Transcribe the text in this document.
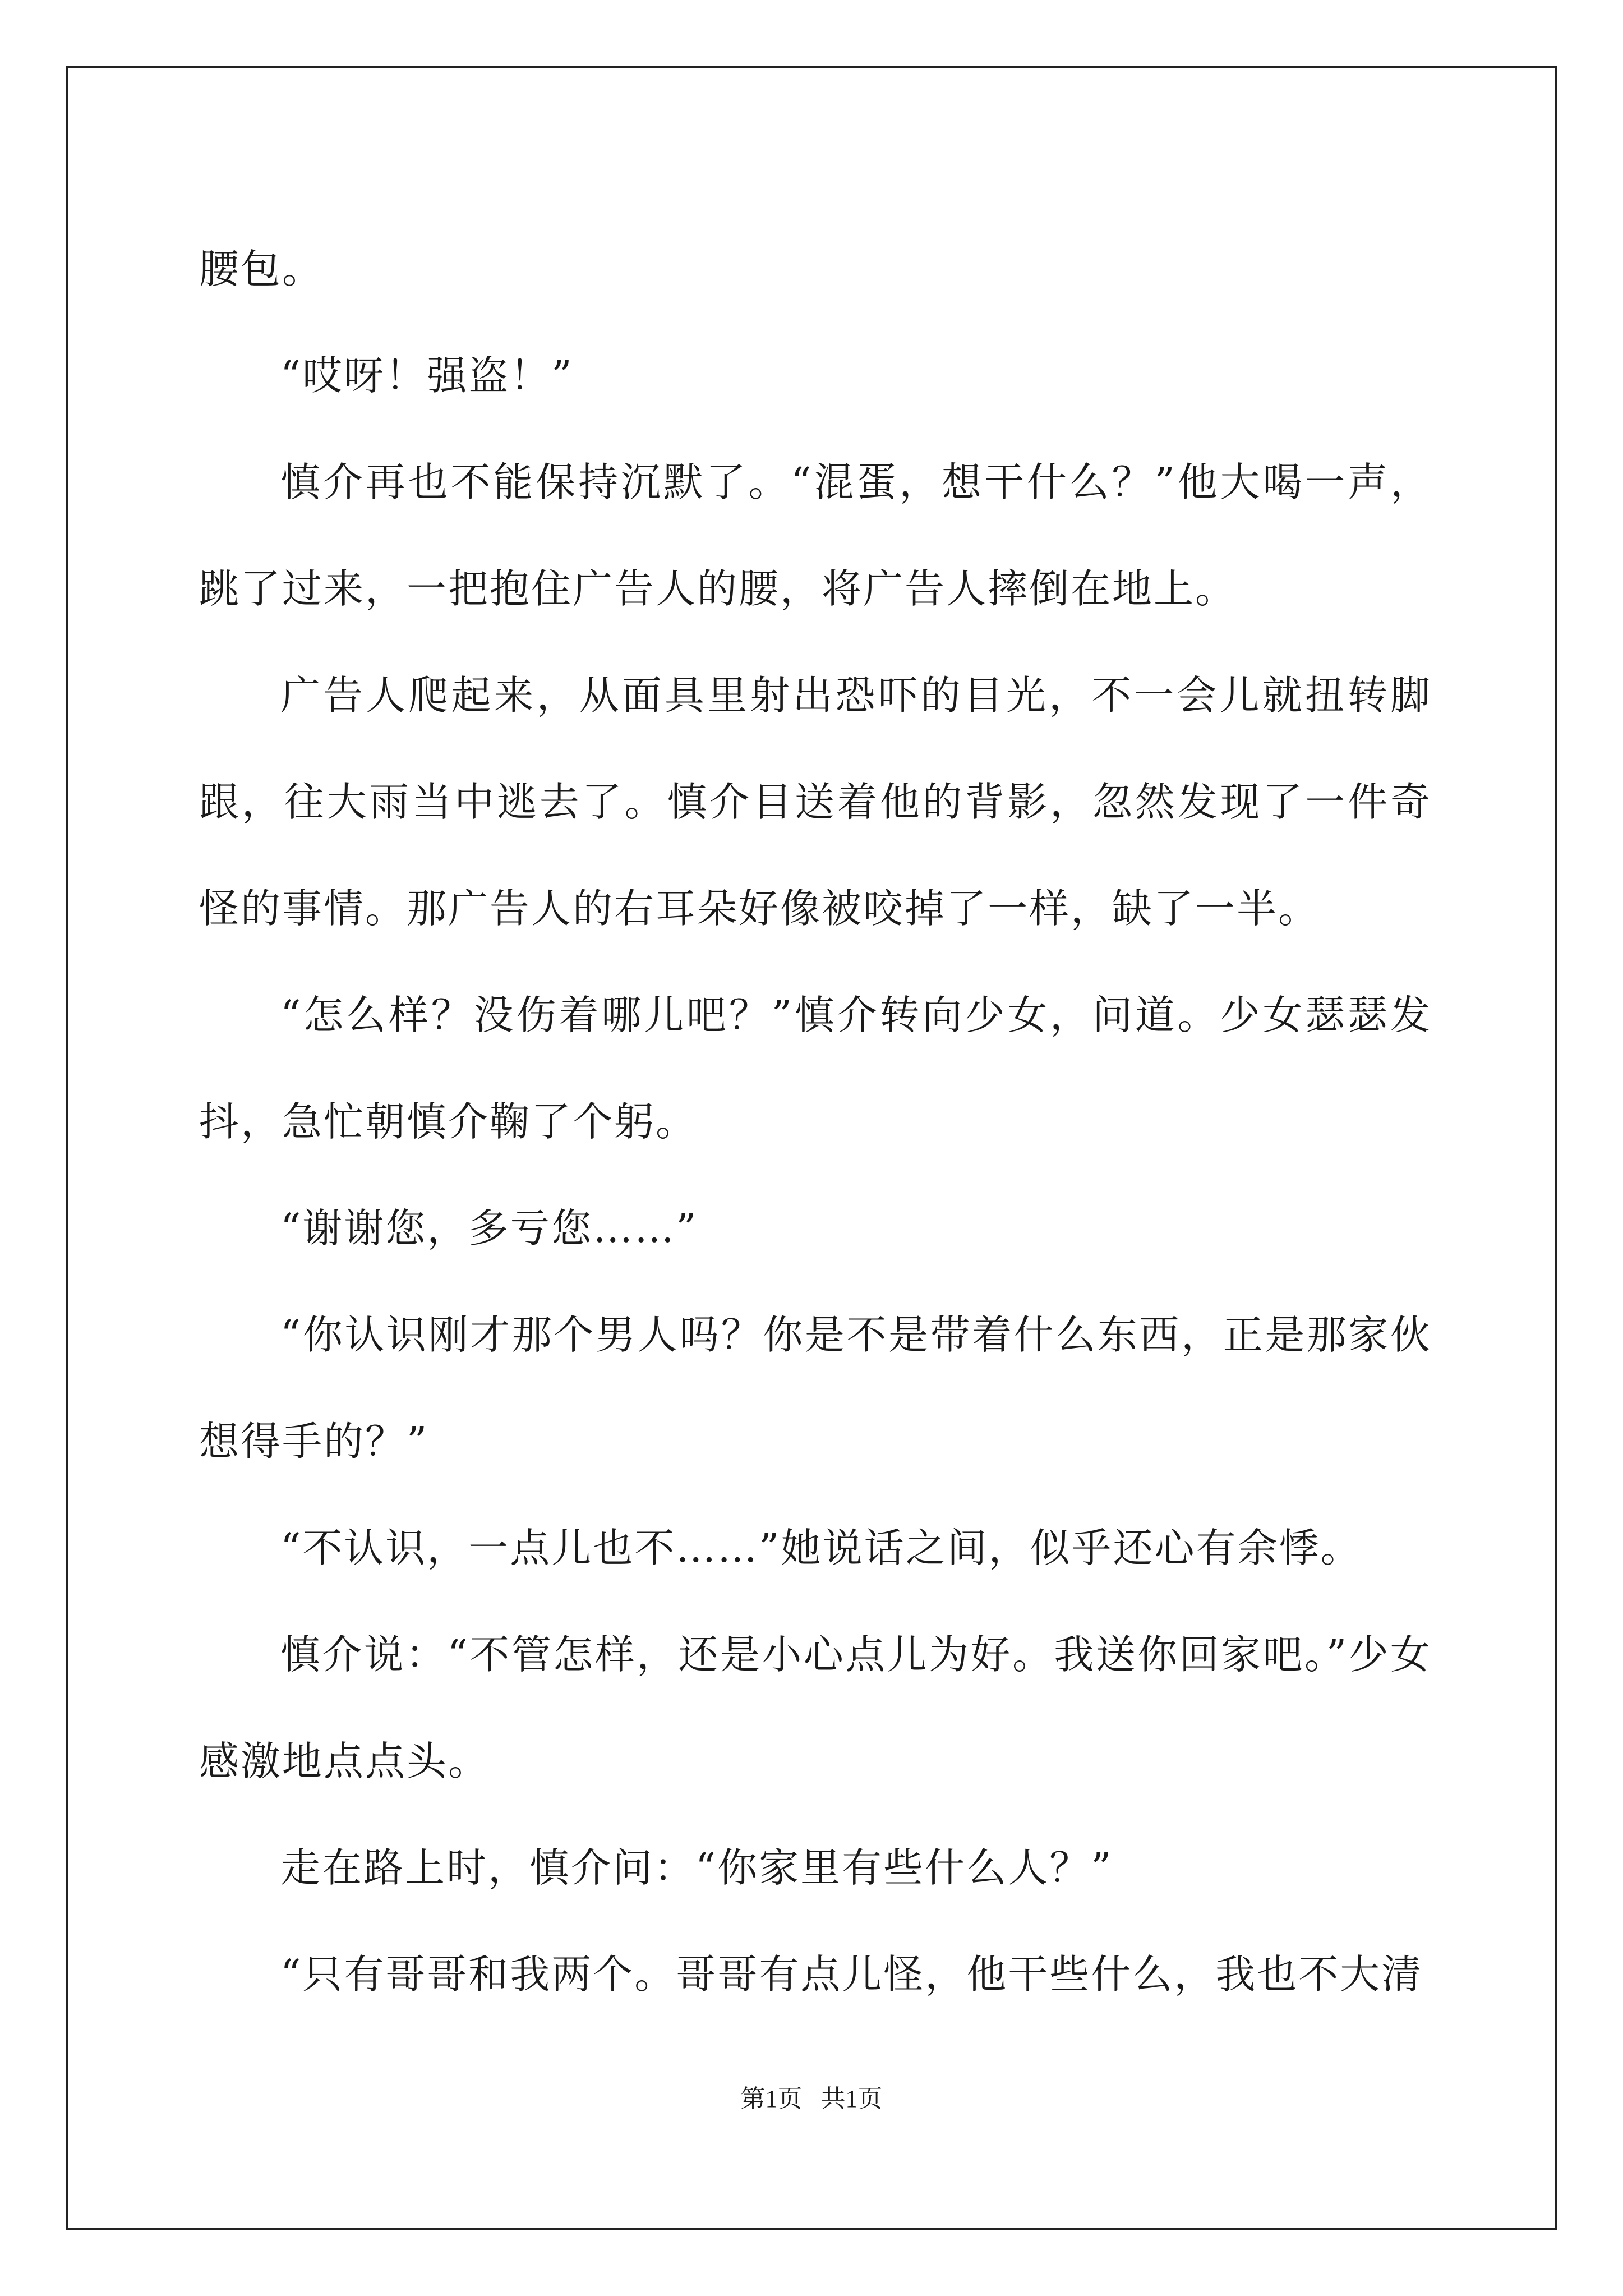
腰包。

“哎呀！强盗！”

慎介再也不能保持沉默了。“混蛋，想干什么？”他大喝一声，跳了过来，一把抱住广告人的腰，将广告人摔倒在地上。

广告人爬起来，从面具里射出恐吓的目光，不一会儿就扭转脚跟，往大雨当中逃去了。慎介目送着他的背影，忽然发现了一件奇怪的事情。那广告人的右耳朵好像被咬掉了一样，缺了一半。

“怎么样？没伤着哪儿吧？”慎介转向少女，问道。少女瑟瑟发抖，急忙朝慎介鞠了个躬。

“谢谢您，多亏您……”

“你认识刚才那个男人吗？你是不是带着什么东西，正是那家伙想得手的？”

“不认识，一点儿也不……”她说话之间，似乎还心有余悸。

慎介说：“不管怎样，还是小心点儿为好。我送你回家吧。”少女感激地点点头。

走在路上时，慎介问：“你家里有些什么人？”

“只有哥哥和我两个。哥哥有点儿怪，他干些什么，我也不大清

第1页   共1页
